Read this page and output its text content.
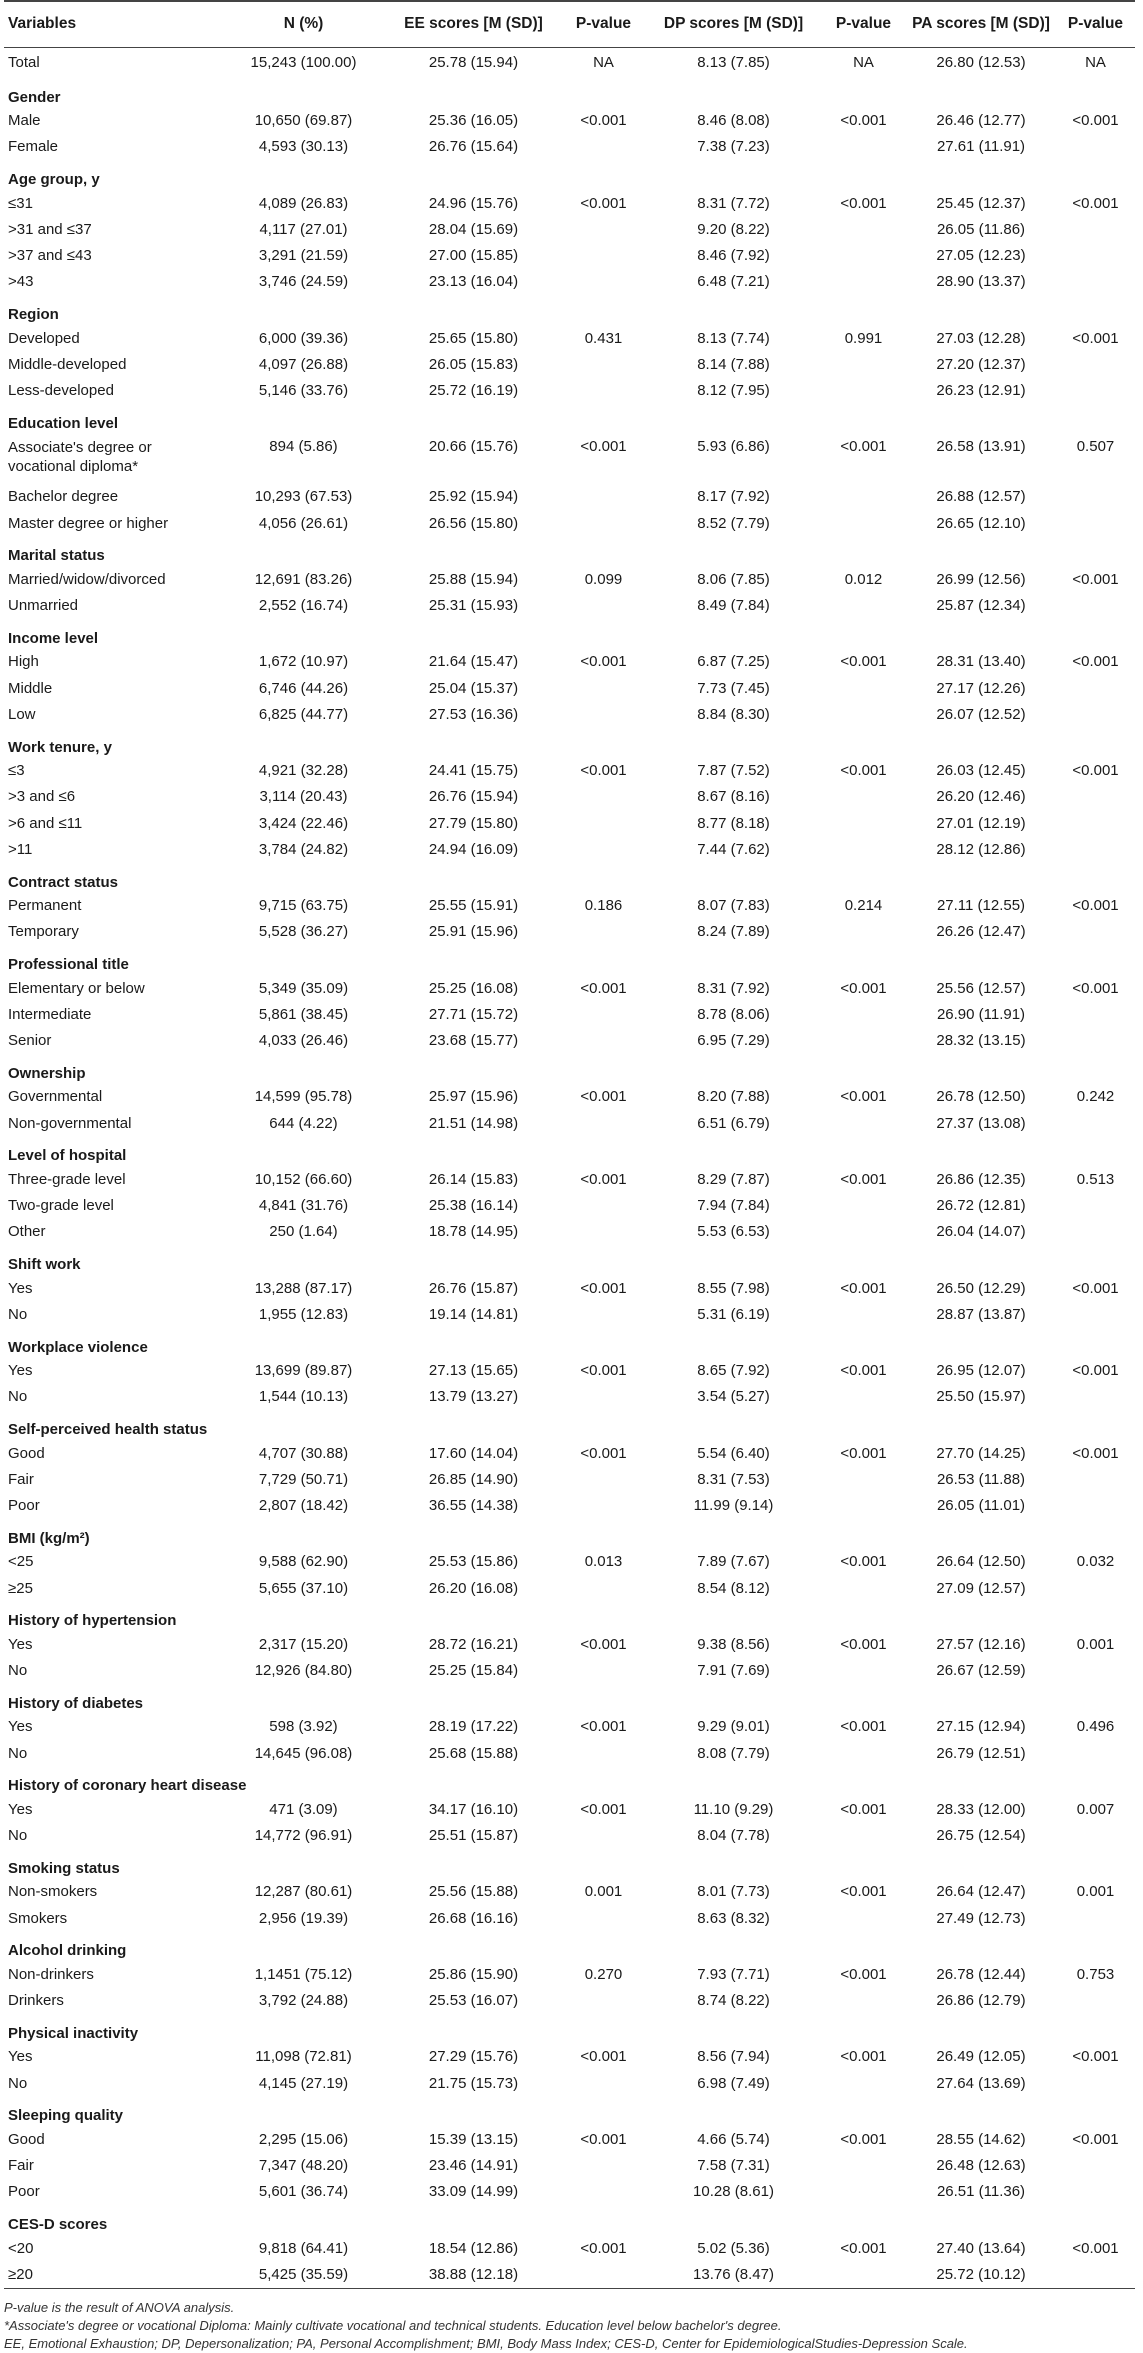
Variables	N (%)	EE scores [M (SD)]	P-value	DP scores [M (SD)]	P-value	PA scores [M (SD)]	P-value
Total	15,243 (100.00)	25.78 (15.94)	NA	8.13 (7.85)	NA	26.80 (12.53)	NA
Gender							
Male	10,650 (69.87)	25.36 (16.05)	<0.001	8.46 (8.08)	<0.001	26.46 (12.77)	<0.001
Female	4,593 (30.13)	26.76 (15.64)		7.38 (7.23)		27.61 (11.91)	
Age group, y							
≤31	4,089 (26.83)	24.96 (15.76)	<0.001	8.31 (7.72)	<0.001	25.45 (12.37)	<0.001
>31 and ≤37	4,117 (27.01)	28.04 (15.69)		9.20 (8.22)		26.05 (11.86)	
>37 and ≤43	3,291 (21.59)	27.00 (15.85)		8.46 (7.92)		27.05 (12.23)	
>43	3,746 (24.59)	23.13 (16.04)		6.48 (7.21)		28.90 (13.37)	
Region							
Developed	6,000 (39.36)	25.65 (15.80)	0.431	8.13 (7.74)	0.991	27.03 (12.28)	<0.001
Middle-developed	4,097 (26.88)	26.05 (15.83)		8.14 (7.88)		27.20 (12.37)	
Less-developed	5,146 (33.76)	25.72 (16.19)		8.12 (7.95)		26.23 (12.91)	
Education level							
Associate's degree or vocational diploma*	894 (5.86)	20.66 (15.76)	<0.001	5.93 (6.86)	<0.001	26.58 (13.91)	0.507
Bachelor degree	10,293 (67.53)	25.92 (15.94)		8.17 (7.92)		26.88 (12.57)	
Master degree or higher	4,056 (26.61)	26.56 (15.80)		8.52 (7.79)		26.65 (12.10)	
Marital status							
Married/widow/divorced	12,691 (83.26)	25.88 (15.94)	0.099	8.06 (7.85)	0.012	26.99 (12.56)	<0.001
Unmarried	2,552 (16.74)	25.31 (15.93)		8.49 (7.84)		25.87 (12.34)	
Income level							
High	1,672 (10.97)	21.64 (15.47)	<0.001	6.87 (7.25)	<0.001	28.31 (13.40)	<0.001
Middle	6,746 (44.26)	25.04 (15.37)		7.73 (7.45)		27.17 (12.26)	
Low	6,825 (44.77)	27.53 (16.36)		8.84 (8.30)		26.07 (12.52)	
Work tenure, y							
≤3	4,921 (32.28)	24.41 (15.75)	<0.001	7.87 (7.52)	<0.001	26.03 (12.45)	<0.001
>3 and ≤6	3,114 (20.43)	26.76 (15.94)		8.67 (8.16)		26.20 (12.46)	
>6 and ≤11	3,424 (22.46)	27.79 (15.80)		8.77 (8.18)		27.01 (12.19)	
>11	3,784 (24.82)	24.94 (16.09)		7.44 (7.62)		28.12 (12.86)	
Contract status							
Permanent	9,715 (63.75)	25.55 (15.91)	0.186	8.07 (7.83)	0.214	27.11 (12.55)	<0.001
Temporary	5,528 (36.27)	25.91 (15.96)		8.24 (7.89)		26.26 (12.47)	
Professional title							
Elementary or below	5,349 (35.09)	25.25 (16.08)	<0.001	8.31 (7.92)	<0.001	25.56 (12.57)	<0.001
Intermediate	5,861 (38.45)	27.71 (15.72)		8.78 (8.06)		26.90 (11.91)	
Senior	4,033 (26.46)	23.68 (15.77)		6.95 (7.29)		28.32 (13.15)	
Ownership							
Governmental	14,599 (95.78)	25.97 (15.96)	<0.001	8.20 (7.88)	<0.001	26.78 (12.50)	0.242
Non-governmental	644 (4.22)	21.51 (14.98)		6.51 (6.79)		27.37 (13.08)	
Level of hospital							
Three-grade level	10,152 (66.60)	26.14 (15.83)	<0.001	8.29 (7.87)	<0.001	26.86 (12.35)	0.513
Two-grade level	4,841 (31.76)	25.38 (16.14)		7.94 (7.84)		26.72 (12.81)	
Other	250 (1.64)	18.78 (14.95)		5.53 (6.53)		26.04 (14.07)	
Shift work							
Yes	13,288 (87.17)	26.76 (15.87)	<0.001	8.55 (7.98)	<0.001	26.50 (12.29)	<0.001
No	1,955 (12.83)	19.14 (14.81)		5.31 (6.19)		28.87 (13.87)	
Workplace violence							
Yes	13,699 (89.87)	27.13 (15.65)	<0.001	8.65 (7.92)	<0.001	26.95 (12.07)	<0.001
No	1,544 (10.13)	13.79 (13.27)		3.54 (5.27)		25.50 (15.97)	
Self-perceived health status							
Good	4,707 (30.88)	17.60 (14.04)	<0.001	5.54 (6.40)	<0.001	27.70 (14.25)	<0.001
Fair	7,729 (50.71)	26.85 (14.90)		8.31 (7.53)		26.53 (11.88)	
Poor	2,807 (18.42)	36.55 (14.38)		11.99 (9.14)		26.05 (11.01)	
BMI (kg/m²)							
<25	9,588 (62.90)	25.53 (15.86)	0.013	7.89 (7.67)	<0.001	26.64 (12.50)	0.032
≥25	5,655 (37.10)	26.20 (16.08)		8.54 (8.12)		27.09 (12.57)	
History of hypertension							
Yes	2,317 (15.20)	28.72 (16.21)	<0.001	9.38 (8.56)	<0.001	27.57 (12.16)	0.001
No	12,926 (84.80)	25.25 (15.84)		7.91 (7.69)		26.67 (12.59)	
History of diabetes							
Yes	598 (3.92)	28.19 (17.22)	<0.001	9.29 (9.01)	<0.001	27.15 (12.94)	0.496
No	14,645 (96.08)	25.68 (15.88)		8.08 (7.79)		26.79 (12.51)	
History of coronary heart disease							
Yes	471 (3.09)	34.17 (16.10)	<0.001	11.10 (9.29)	<0.001	28.33 (12.00)	0.007
No	14,772 (96.91)	25.51 (15.87)		8.04 (7.78)		26.75 (12.54)	
Smoking status							
Non-smokers	12,287 (80.61)	25.56 (15.88)	0.001	8.01 (7.73)	<0.001	26.64 (12.47)	0.001
Smokers	2,956 (19.39)	26.68 (16.16)		8.63 (8.32)		27.49 (12.73)	
Alcohol drinking							
Non-drinkers	1,1451 (75.12)	25.86 (15.90)	0.270	7.93 (7.71)	<0.001	26.78 (12.44)	0.753
Drinkers	3,792 (24.88)	25.53 (16.07)		8.74 (8.22)		26.86 (12.79)	
Physical inactivity							
Yes	11,098 (72.81)	27.29 (15.76)	<0.001	8.56 (7.94)	<0.001	26.49 (12.05)	<0.001
No	4,145 (27.19)	21.75 (15.73)		6.98 (7.49)		27.64 (13.69)	
Sleeping quality							
Good	2,295 (15.06)	15.39 (13.15)	<0.001	4.66 (5.74)	<0.001	28.55 (14.62)	<0.001
Fair	7,347 (48.20)	23.46 (14.91)		7.58 (7.31)		26.48 (12.63)	
Poor	5,601 (36.74)	33.09 (14.99)		10.28 (8.61)		26.51 (11.36)	
CES-D scores							
<20	9,818 (64.41)	18.54 (12.86)	<0.001	5.02 (5.36)	<0.001	27.40 (13.64)	<0.001
≥20	5,425 (35.59)	38.88 (12.18)		13.76 (8.47)		25.72 (10.12)	
P-value is the result of ANOVA analysis.
*Associate's degree or vocational Diploma: Mainly cultivate vocational and technical students. Education level below bachelor's degree.
EE, Emotional Exhaustion; DP, Depersonalization; PA, Personal Accomplishment; BMI, Body Mass Index; CES-D, Center for EpidemiologicalStudies-Depression Scale.
